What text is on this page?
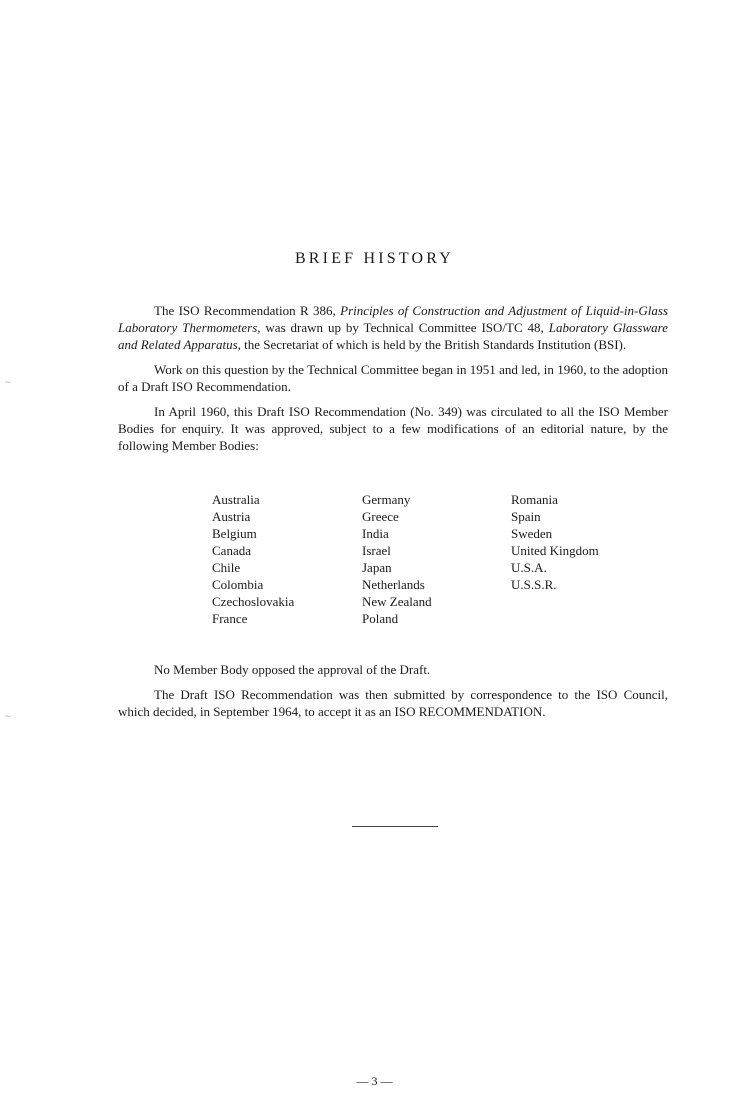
~
~
BRIEF HISTORY

The ISO Recommendation R 386, Principles of Construction and Adjustment of Liquid-in-Glass Laboratory Thermometers, was drawn up by Technical Committee ISO/TC 48, Laboratory Glassware and Related Apparatus, the Secretariat of which is held by the British Standards Institution (BSI).

Work on this question by the Technical Committee began in 1951 and led, in 1960, to the adoption of a Draft ISO Recommendation.

In April 1960, this Draft ISO Recommendation (No. 349) was circulated to all the ISO Member Bodies for enquiry. It was approved, subject to a few modifications of an editorial nature, by the following Member Bodies:

Australia
Austria
Belgium
Canada
Chile
Colombia
Czechoslovakia
France
Germany
Greece
India
Israel
Japan
Netherlands
New Zealand
Poland
Romania
Spain
Sweden
United Kingdom
U.S.A.
U.S.S.R.

No Member Body opposed the approval of the Draft.

The Draft ISO Recommendation was then submitted by correspondence to the ISO Council, which decided, in September 1964, to accept it as an ISO RECOMMENDATION.

— 3 —
